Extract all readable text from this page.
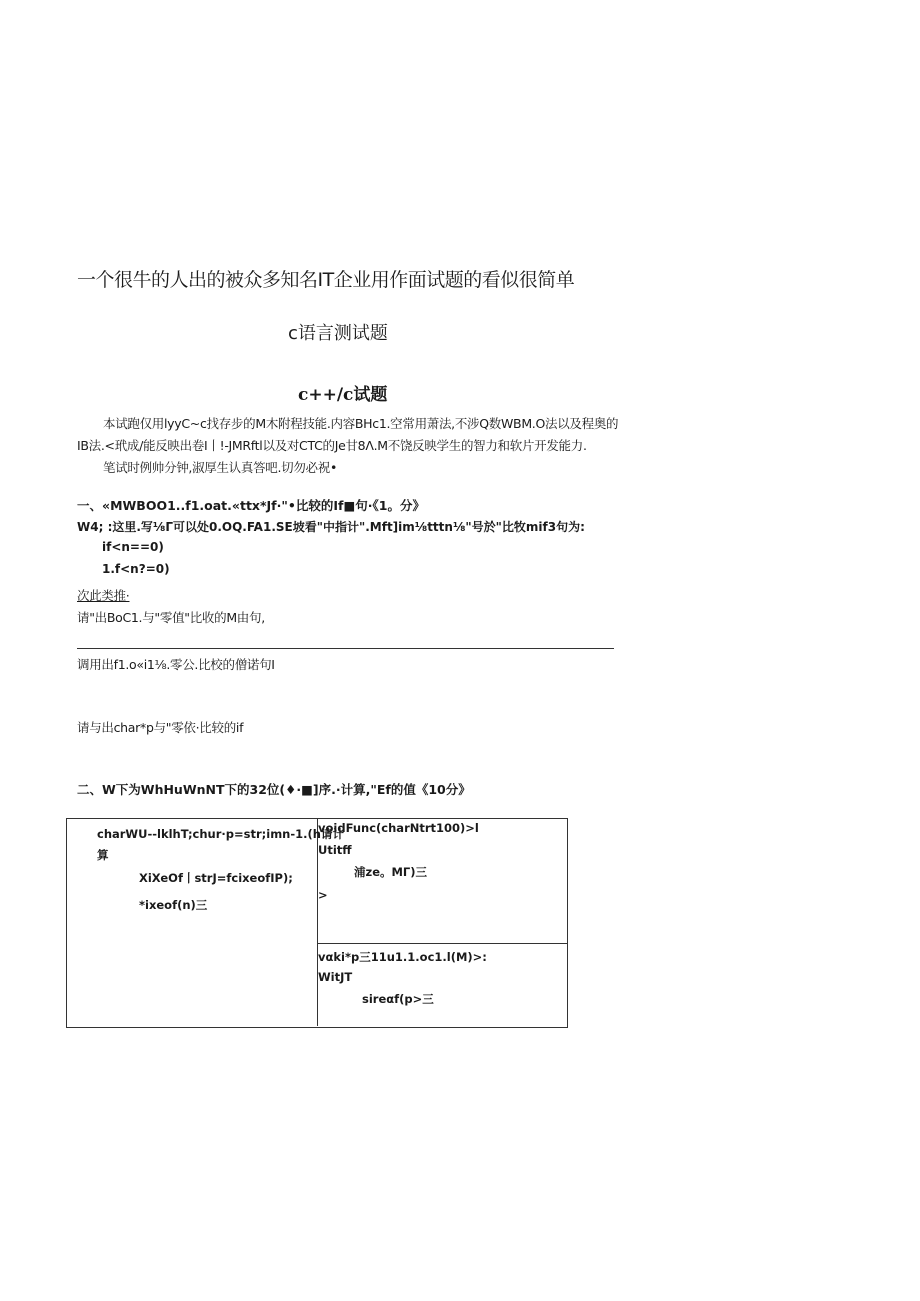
一个很牛的人出的被众多知名IT企业用作面试题的看似很简单
c语言测试题
c++/c试题
本试跑仅用lyyC~c找存步的M木附程技能.内容BHc1.空常用萧法,不涉Q数WBM.O法以及程奥的
IB法.<玳成/能反映出卷I丨!-JMRftl以及对CTC的Je甘8Λ.M不饶反映学生的智力和软片开发能力.
笔试时例帅分钟,淑厚生认真答吧.切勿必祝•
一、«MWBOO1..f1.oat.«ttx*Jf·"•比较的If■句·《1。分》
W4; :这里.写⅛Γ可以处0.OQ.FA1.SE坡看"中指计".Mft]im⅛tttn⅛"号於"比牧mif3句为:
if<n==0)
1.f<n?=0)
次此类推·
请"出BoC1.与"零值"比收的M由句,
调用出f1.o«i1⅛.零公.比校的僧诺句I
请与出char*p与"零依·比较的if
二、W下为WhHuWnNT下的32位(♦·■]序.·计算,"Ef的值《10分》
charWU--lklhT;chur·p=str;imn-1.(h请计
算
XiXeOf丨strJ=fcixeofIP);
*ixeof(n)三
voidFunc(charNtrt100)>l
Utitff
浦ze。ΜΓ)三
>
vαki*p三11u1.1.oc1.l(M)>:
WitJT
sireαf(p>三
